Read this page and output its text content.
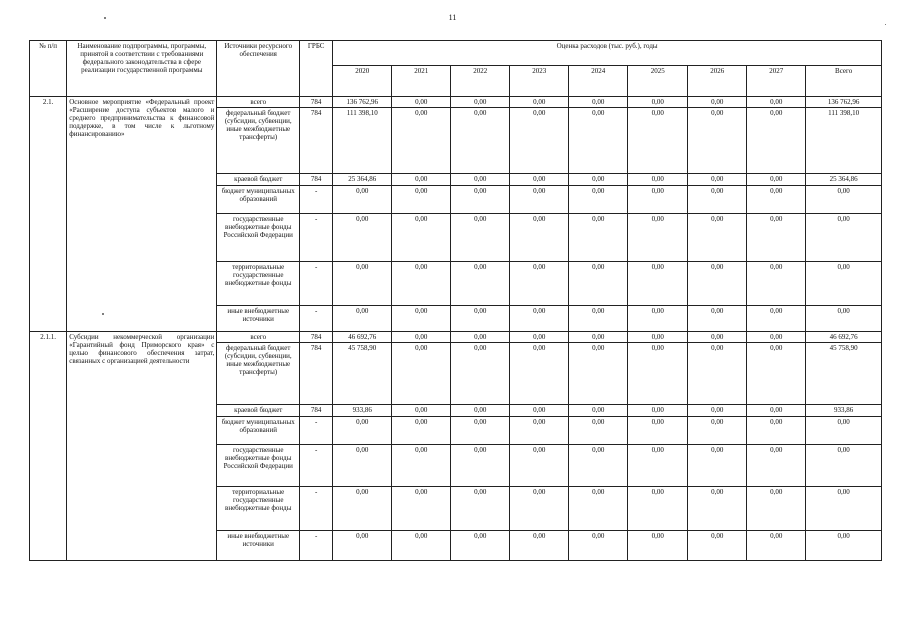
11
№ п/п	Наименование подпрограммы, программы, принятой в соответствии с требованиями федерального законодательства в сфере реализации государственной программы	Источники ресурсного обеспечения	ГРБС	Оценка расходов (тыс. руб.), годы								
				2020	2021	2022	2023	2024	2025	2026	2027	Всего
2.1.	Основное мероприятие «Федеральный проект «Расширение доступа субъектов малого и среднего предпринимательства к финансовой поддержке, в том числе к льготному финансированию»	всего	784	136 762,96	0,00	0,00	0,00	0,00	0,00	0,00	0,00	136 762,96
		федеральный бюджет (субсидии, субвенции, иные межбюджетные трансферты)	784	111 398,10	0,00	0,00	0,00	0,00	0,00	0,00	0,00	111 398,10
		краевой бюджет	784	25 364,86	0,00	0,00	0,00	0,00	0,00	0,00	0,00	25 364,86
		бюджет муниципальных образований	-	0,00	0,00	0,00	0,00	0,00	0,00	0,00	0,00	0,00
		государственные внебюджетные фонды Российской Федерации	-	0,00	0,00	0,00	0,00	0,00	0,00	0,00	0,00	0,00
		территориальные государственные внебюджетные фонды	-	0,00	0,00	0,00	0,00	0,00	0,00	0,00	0,00	0,00
		иные внебюджетные источники	-	0,00	0,00	0,00	0,00	0,00	0,00	0,00	0,00	0,00
2.1.1.	Субсидии некоммерческой организации «Гарантийный фонд Приморского края» с целью финансового обеспечения затрат, связанных с организацией деятельности	всего	784	46 692,76	0,00	0,00	0,00	0,00	0,00	0,00	0,00	46 692,76
		федеральный бюджет (субсидии, субвенции, иные межбюджетные трансферты)	784	45 758,90	0,00	0,00	0,00	0,00	0,00	0,00	0,00	45 758,90
		краевой бюджет	784	933,86	0,00	0,00	0,00	0,00	0,00	0,00	0,00	933,86
		бюджет муниципальных образований	-	0,00	0,00	0,00	0,00	0,00	0,00	0,00	0,00	0,00
		государственные внебюджетные фонды Российской Федерации	-	0,00	0,00	0,00	0,00	0,00	0,00	0,00	0,00	0,00
		территориальные государственные внебюджетные фонды	-	0,00	0,00	0,00	0,00	0,00	0,00	0,00	0,00	0,00
		иные внебюджетные источники	-	0,00	0,00	0,00	0,00	0,00	0,00	0,00	0,00	0,00
